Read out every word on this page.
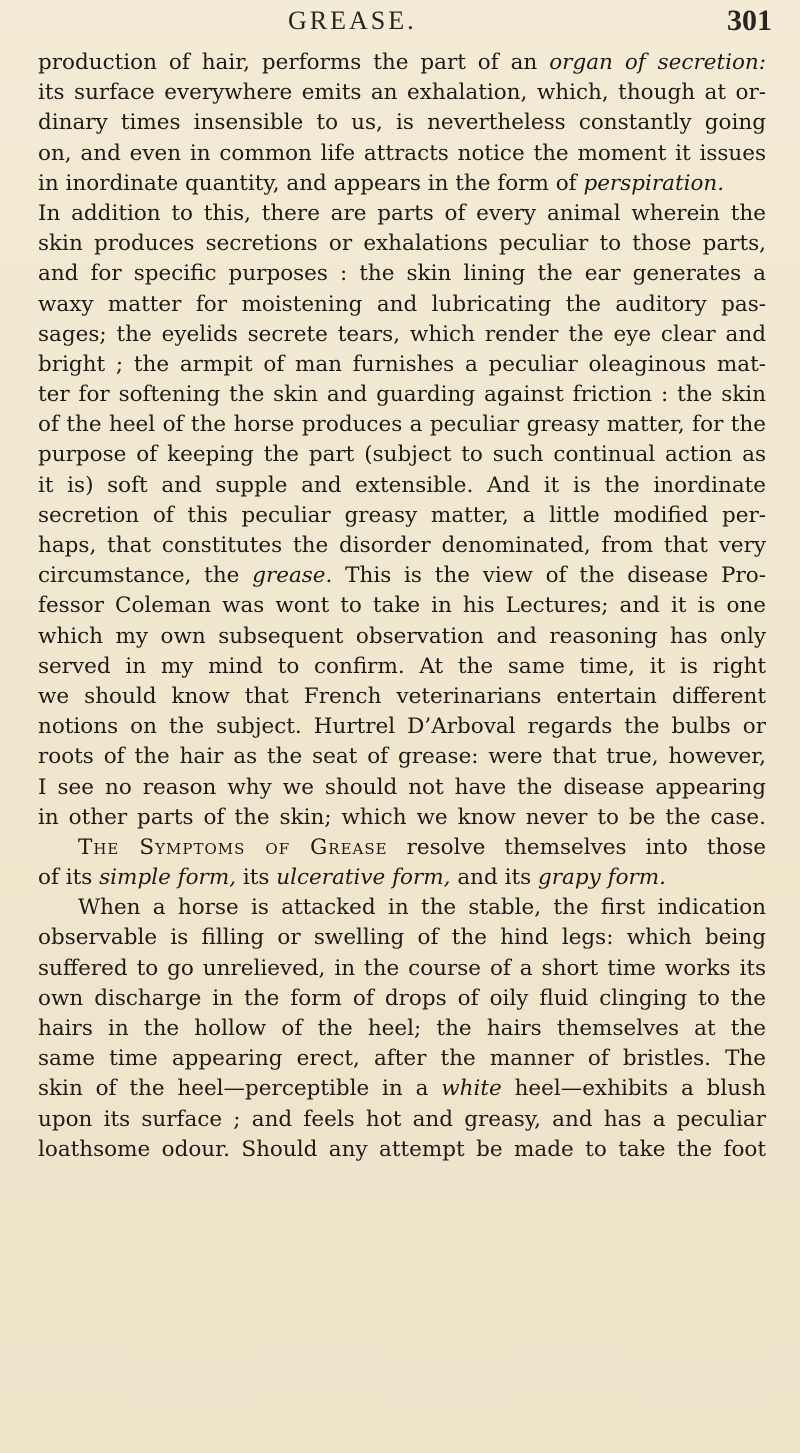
GREASE.	301
production of hair, performs the part of an organ of secretion:
its surface everywhere emits an exhalation, which, though at or-
dinary times insensible to us, is nevertheless constantly going
on, and even in common life attracts notice the moment it issues
in inordinate quantity, and appears in the form of perspiration.
In addition to this, there are parts of every animal wherein the
skin produces secretions or exhalations peculiar to those parts,
and for specific purposes : the skin lining the ear generates a
waxy matter for moistening and lubricating the auditory pas-
sages; the eyelids secrete tears, which render the eye clear and
bright ; the armpit of man furnishes a peculiar oleaginous mat-
ter for softening the skin and guarding against friction : the skin
of the heel of the horse produces a peculiar greasy matter, for the
purpose of keeping the part (subject to such continual action as
it is) soft and supple and extensible. And it is the inordinate
secretion of this peculiar greasy matter, a little modified per-
haps, that constitutes the disorder denominated, from that very
circumstance, the grease. This is the view of the disease Pro-
fessor Coleman was wont to take in his Lectures; and it is one
which my own subsequent observation and reasoning has only
served in my mind to confirm. At the same time, it is right
we should know that French veterinarians entertain different
notions on the subject. Hurtrel D’Arboval regards the bulbs or
roots of the hair as the seat of grease: were that true, however,
I see no reason why we should not have the disease appearing
in other parts of the skin; which we know never to be the case.
The Symptoms of Grease resolve themselves into those
of its simple form, its ulcerative form, and its grapy form.
When a horse is attacked in the stable, the first indication
observable is filling or swelling of the hind legs: which being
suffered to go unrelieved, in the course of a short time works its
own discharge in the form of drops of oily fluid clinging to the
hairs in the hollow of the heel; the hairs themselves at the
same time appearing erect, after the manner of bristles. The
skin of the heel—perceptible in a white heel—exhibits a blush
upon its surface ; and feels hot and greasy, and has a peculiar
loathsome odour. Should any attempt be made to take the foot
